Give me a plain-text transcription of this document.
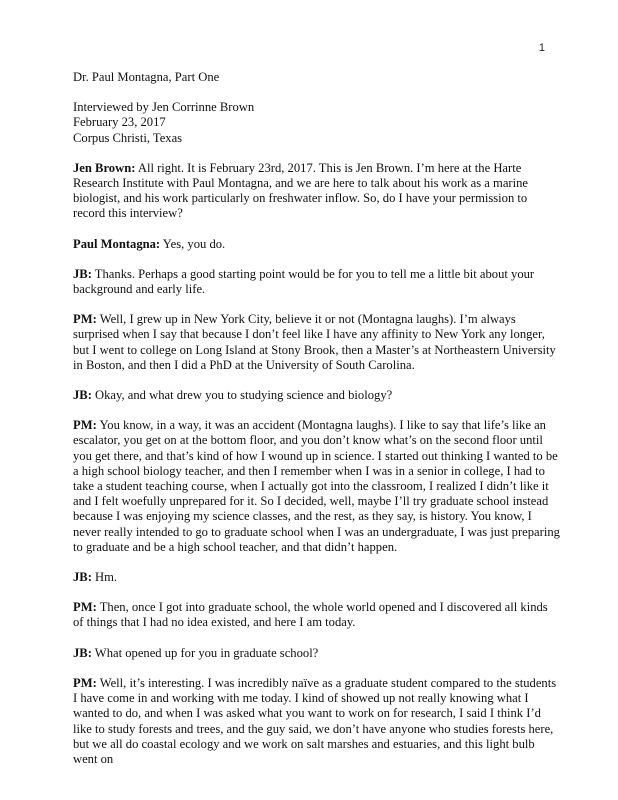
1

Dr. Paul Montagna, Part One

Interviewed by Jen Corrinne Brown
February 23, 2017
Corpus Christi, Texas

Jen Brown: All right. It is February 23rd, 2017. This is Jen Brown. I’m here at the Harte Research Institute with Paul Montagna, and we are here to talk about his work as a marine biologist, and his work particularly on freshwater inflow. So, do I have your permission to record this interview?

Paul Montagna: Yes, you do.

JB: Thanks. Perhaps a good starting point would be for you to tell me a little bit about your background and early life.

PM: Well, I grew up in New York City, believe it or not (Montagna laughs). I’m always surprised when I say that because I don’t feel like I have any affinity to New York any longer, but I went to college on Long Island at Stony Brook, then a Master’s at Northeastern University in Boston, and then I did a PhD at the University of South Carolina.

JB: Okay, and what drew you to studying science and biology?

PM: You know, in a way, it was an accident (Montagna laughs). I like to say that life’s like an escalator, you get on at the bottom floor, and you don’t know what’s on the second floor until you get there, and that’s kind of how I wound up in science. I started out thinking I wanted to be a high school biology teacher, and then I remember when I was in a senior in college, I had to take a student teaching course, when I actually got into the classroom, I realized I didn’t like it and I felt woefully unprepared for it. So I decided, well, maybe I’ll try graduate school instead because I was enjoying my science classes, and the rest, as they say, is history. You know, I never really intended to go to graduate school when I was an undergraduate, I was just preparing to graduate and be a high school teacher, and that didn’t happen.

JB: Hm.

PM: Then, once I got into graduate school, the whole world opened and I discovered all kinds of things that I had no idea existed, and here I am today.

JB: What opened up for you in graduate school?

PM: Well, it’s interesting. I was incredibly naïve as a graduate student compared to the students I have come in and working with me today. I kind of showed up not really knowing what I wanted to do, and when I was asked what you want to work on for research, I said I think I’d like to study forests and trees, and the guy said, we don’t have anyone who studies forests here, but we all do coastal ecology and we work on salt marshes and estuaries, and this light bulb went on
